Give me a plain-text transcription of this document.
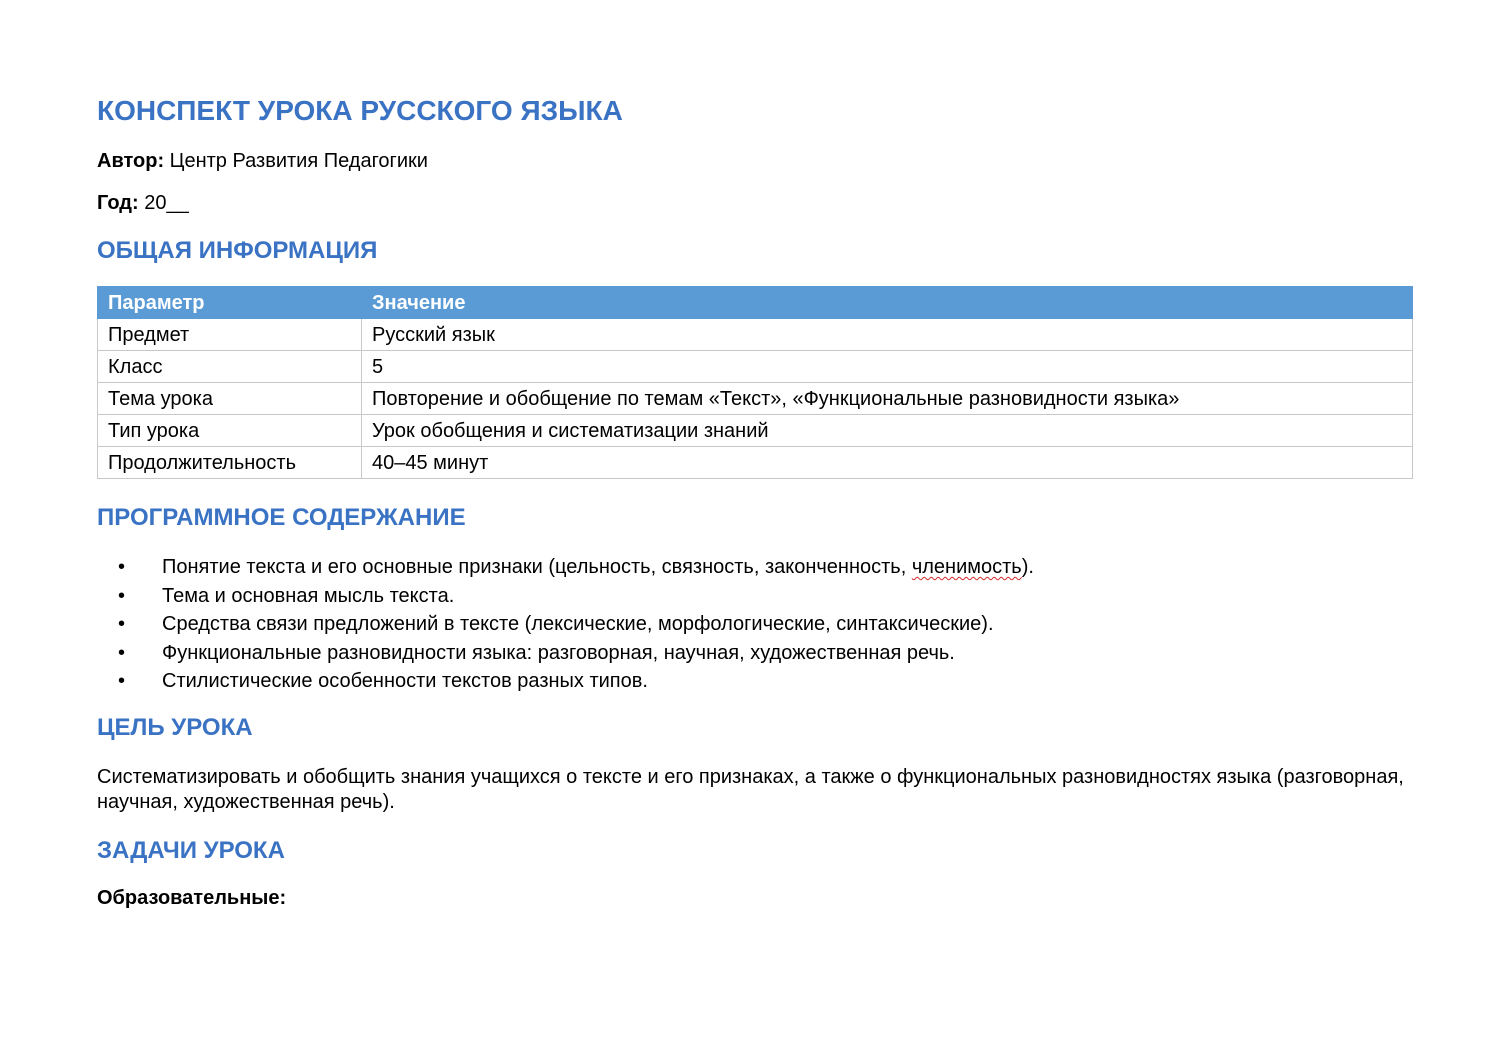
КОНСПЕКТ УРОКА РУССКОГО ЯЗЫКА

Автор: Центр Развития Педагогики

Год: 20__

ОБЩАЯ ИНФОРМАЦИЯ
Параметр	Значение
Предмет	Русский язык
Класс	5
Тема урока	Повторение и обобщение по темам «Текст», «Функциональные разновидности языка»
Тип урока	Урок обобщения и систематизации знаний
Продолжительность	40–45 минут
ПРОГРАММНОЕ СОДЕРЖАНИЕ
• Понятие текста и его основные признаки (цельность, связность, законченность, членимость).
• Тема и основная мысль текста.
• Средства связи предложений в тексте (лексические, морфологические, синтаксические).
• Функциональные разновидности языка: разговорная, научная, художественная речь.
• Стилистические особенности текстов разных типов.
ЦЕЛЬ УРОКА

Систематизировать и обобщить знания учащихся о тексте и его признаках, а также о функциональных разновидностях языка (разговорная, научная, художественная речь).

ЗАДАЧИ УРОКА

Образовательные:
